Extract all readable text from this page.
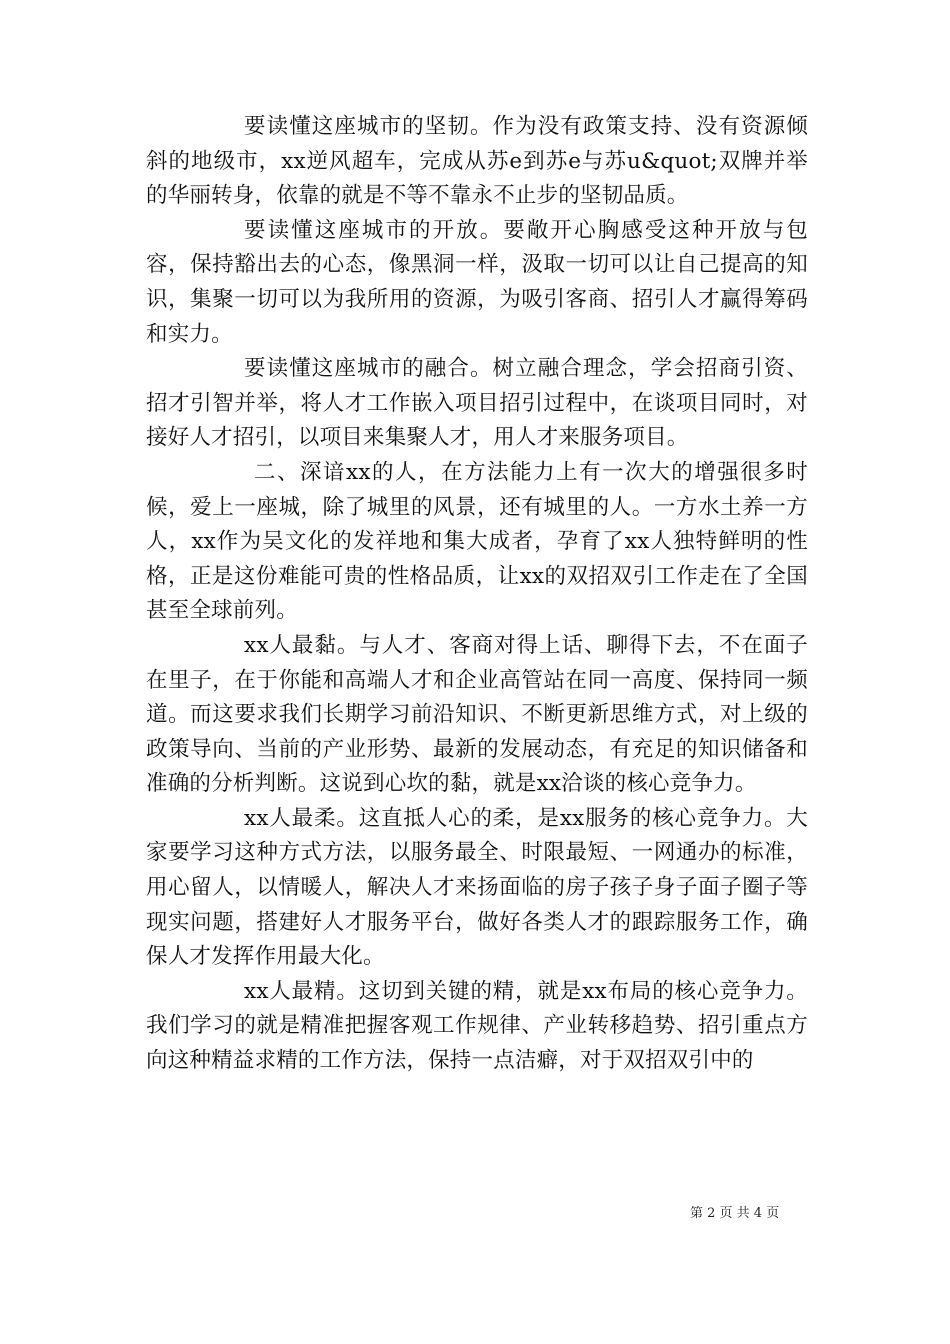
要读懂这座城市的坚韧。作为没有政策支持、没有资源倾斜的地级市，xx逆风超车，完成从苏e到苏e与苏u&quot;双牌并举的华丽转身，依靠的就是不等不靠永不止步的坚韧品质。

要读懂这座城市的开放。要敞开心胸感受这种开放与包容，保持豁出去的心态，像黑洞一样，汲取一切可以让自己提高的知识，集聚一切可以为我所用的资源，为吸引客商、招引人才赢得筹码和实力。

要读懂这座城市的融合。树立融合理念，学会招商引资、招才引智并举，将人才工作嵌入项目招引过程中，在谈项目同时，对接好人才招引，以项目来集聚人才，用人才来服务项目。

二、深谙xx的人，在方法能力上有一次大的增强很多时候，爱上一座城，除了城里的风景，还有城里的人。一方水土养一方人，xx作为吴文化的发祥地和集大成者，孕育了xx人独特鲜明的性格，正是这份难能可贵的性格品质，让xx的双招双引工作走在了全国甚至全球前列。

xx人最黏。与人才、客商对得上话、聊得下去，不在面子在里子，在于你能和高端人才和企业高管站在同一高度、保持同一频道。而这要求我们长期学习前沿知识、不断更新思维方式，对上级的政策导向、当前的产业形势、最新的发展动态，有充足的知识储备和准确的分析判断。这说到心坎的黏，就是xx洽谈的核心竞争力。

xx人最柔。这直抵人心的柔，是xx服务的核心竞争力。大家要学习这种方式方法，以服务最全、时限最短、一网通办的标准，用心留人，以情暖人，解决人才来扬面临的房子孩子身子面子圈子等现实问题，搭建好人才服务平台，做好各类人才的跟踪服务工作，确保人才发挥作用最大化。

xx人最精。这切到关键的精，就是xx布局的核心竞争力。我们学习的就是精准把握客观工作规律、产业转移趋势、招引重点方向这种精益求精的工作方法，保持一点洁癖，对于双招双引中的

第 2 页 共 4 页
